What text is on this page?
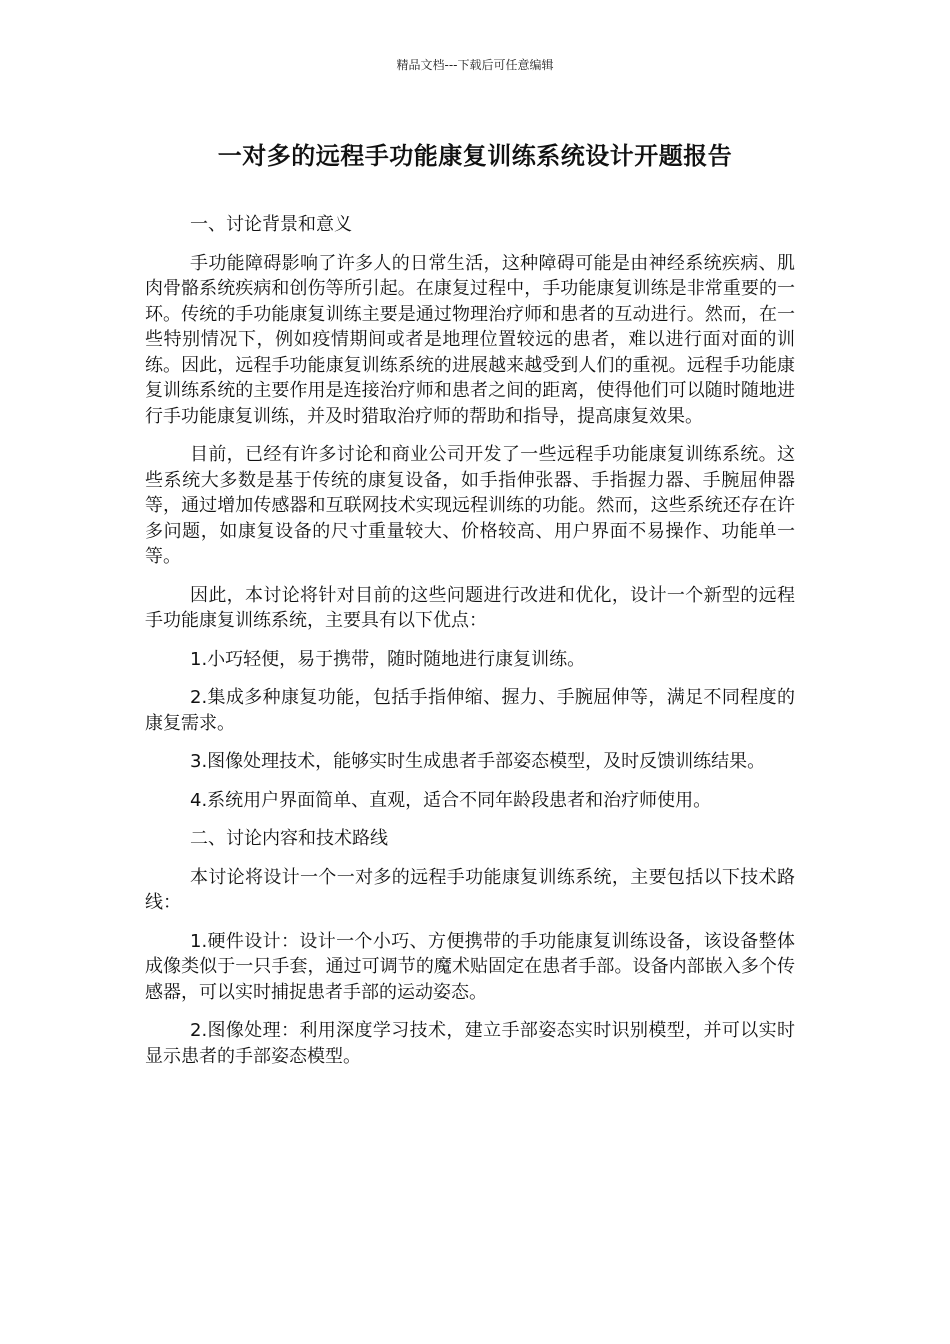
精品文档---下载后可任意编辑
一对多的远程手功能康复训练系统设计开题报告

一、讨论背景和意义

手功能障碍影响了许多人的日常生活，这种障碍可能是由神经系统疾病、肌肉骨骼系统疾病和创伤等所引起。在康复过程中，手功能康复训练是非常重要的一环。传统的手功能康复训练主要是通过物理治疗师和患者的互动进行。然而，在一些特别情况下，例如疫情期间或者是地理位置较远的患者，难以进行面对面的训练。因此，远程手功能康复训练系统的进展越来越受到人们的重视。远程手功能康复训练系统的主要作用是连接治疗师和患者之间的距离，使得他们可以随时随地进行手功能康复训练，并及时猎取治疗师的帮助和指导，提高康复效果。

目前，已经有许多讨论和商业公司开发了一些远程手功能康复训练系统。这些系统大多数是基于传统的康复设备，如手指伸张器、手指握力器、手腕屈伸器等，通过增加传感器和互联网技术实现远程训练的功能。然而，这些系统还存在许多问题，如康复设备的尺寸重量较大、价格较高、用户界面不易操作、功能单一等。

因此，本讨论将针对目前的这些问题进行改进和优化，设计一个新型的远程手功能康复训练系统，主要具有以下优点：

1.小巧轻便，易于携带，随时随地进行康复训练。

2.集成多种康复功能，包括手指伸缩、握力、手腕屈伸等，满足不同程度的康复需求。

3.图像处理技术，能够实时生成患者手部姿态模型，及时反馈训练结果。

4.系统用户界面简单、直观，适合不同年龄段患者和治疗师使用。

二、讨论内容和技术路线

本讨论将设计一个一对多的远程手功能康复训练系统，主要包括以下技术路线：

1.硬件设计：设计一个小巧、方便携带的手功能康复训练设备，该设备整体成像类似于一只手套，通过可调节的魔术贴固定在患者手部。设备内部嵌入多个传感器，可以实时捕捉患者手部的运动姿态。

2.图像处理：利用深度学习技术，建立手部姿态实时识别模型，并可以实时显示患者的手部姿态模型。
